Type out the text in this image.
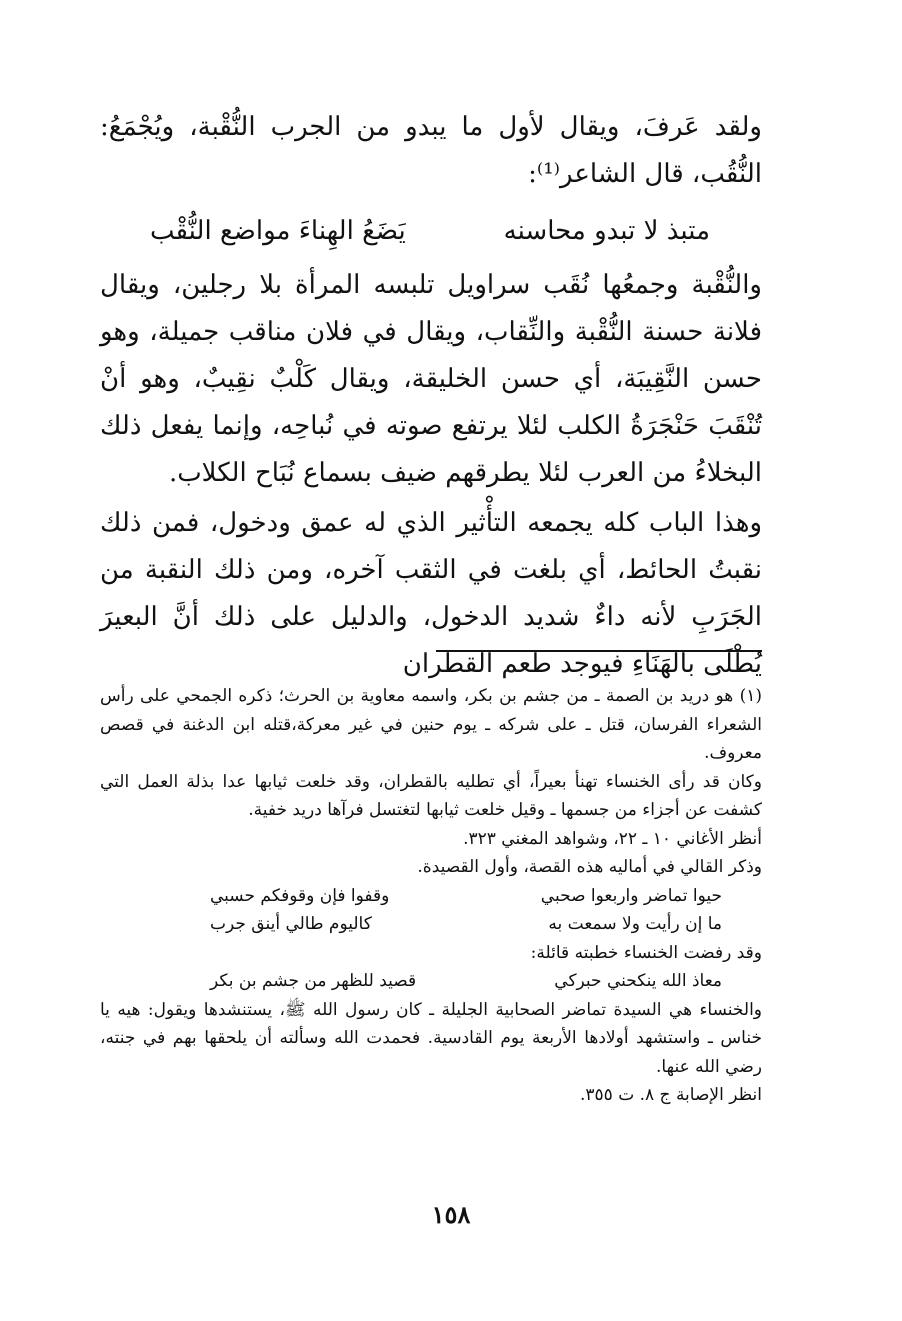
ولقد عَرفَ، ويقال لأول ما يبدو من الجرب النُّقْبة، ويُجْمَعُ: النُّقُب، قال الشاعر⁽¹⁾:

متبذ لا تبدو محاسنه
يَضَعُ الهِناءَ مواضع النُّقْب

والنُّقْبة وجمعُها نُقَب سراويل تلبسه المرأة بلا رجلين، ويقال فلانة حسنة النُّقْبة والنِّقاب، ويقال في فلان مناقب جميلة، وهو حسن النَّقِيبَة، أي حسن الخليقة، ويقال كَلْبٌ نقِيبٌ، وهو أنْ تُنْقَبَ حَنْجَرَةُ الكلب لئلا يرتفع صوته في نُباحِه، وإنما يفعل ذلك البخلاءُ من العرب لئلا يطرقهم ضيف بسماع نُبَاح الكلاب.

وهذا الباب كله يجمعه التأْثير الذي له عمق ودخول، فمن ذلك نقبتُ الحائط، أي بلغت في الثقب آخره، ومن ذلك النقبة من الجَرَبِ لأنه داءٌ شديد الدخول، والدليل على ذلك أنَّ البعيرَ يُطْلَى بالهَنَاءِ فيوجد طعم القطران

(١) هو دريد بن الصمة ـ من جشم بن بكر، واسمه معاوية بن الحرث؛ ذكره الجمحي على رأس الشعراء الفرسان، قتل ـ على شركه ـ يوم حنين في غير معركة،قتله ابن الدغنة في قصص معروف.

وكان قد رأى الخنساء تهنأ بعيراً، أي تطليه بالقطران، وقد خلعت ثيابها عدا بذلة العمل التي كشفت عن أجزاء من جسمها ـ وقيل خلعت ثيابها لتغتسل فرآها دريد خفية.

أنظر الأغاني ١٠ ـ ٢٢، وشواهد المغني ٣٢٣.

وذكر القالي في أماليه هذه القصة، وأول القصيدة.

حيوا تماضر واربعوا صحبي
وقفوا فإن وقوفكم حسبي
ما إن رأيت ولا سمعت به
كاليوم طالي أينق جرب

وقد رفضت الخنساء خطبته قائلة:

معاذ الله ينكحني حبركي
قصيد للظهر من جشم بن بكر

والخنساء هي السيدة تماضر الصحابية الجليلة ـ كان رسول الله ﷺ، يستنشدها ويقول: هيه يا خناس ـ واستشهد أولادها الأربعة يوم القادسية. فحمدت الله وسألته أن يلحقها بهم في جنته، رضي الله عنها.

انظر الإصابة ج ٨. ت ٣٥٥.

١٥٨
